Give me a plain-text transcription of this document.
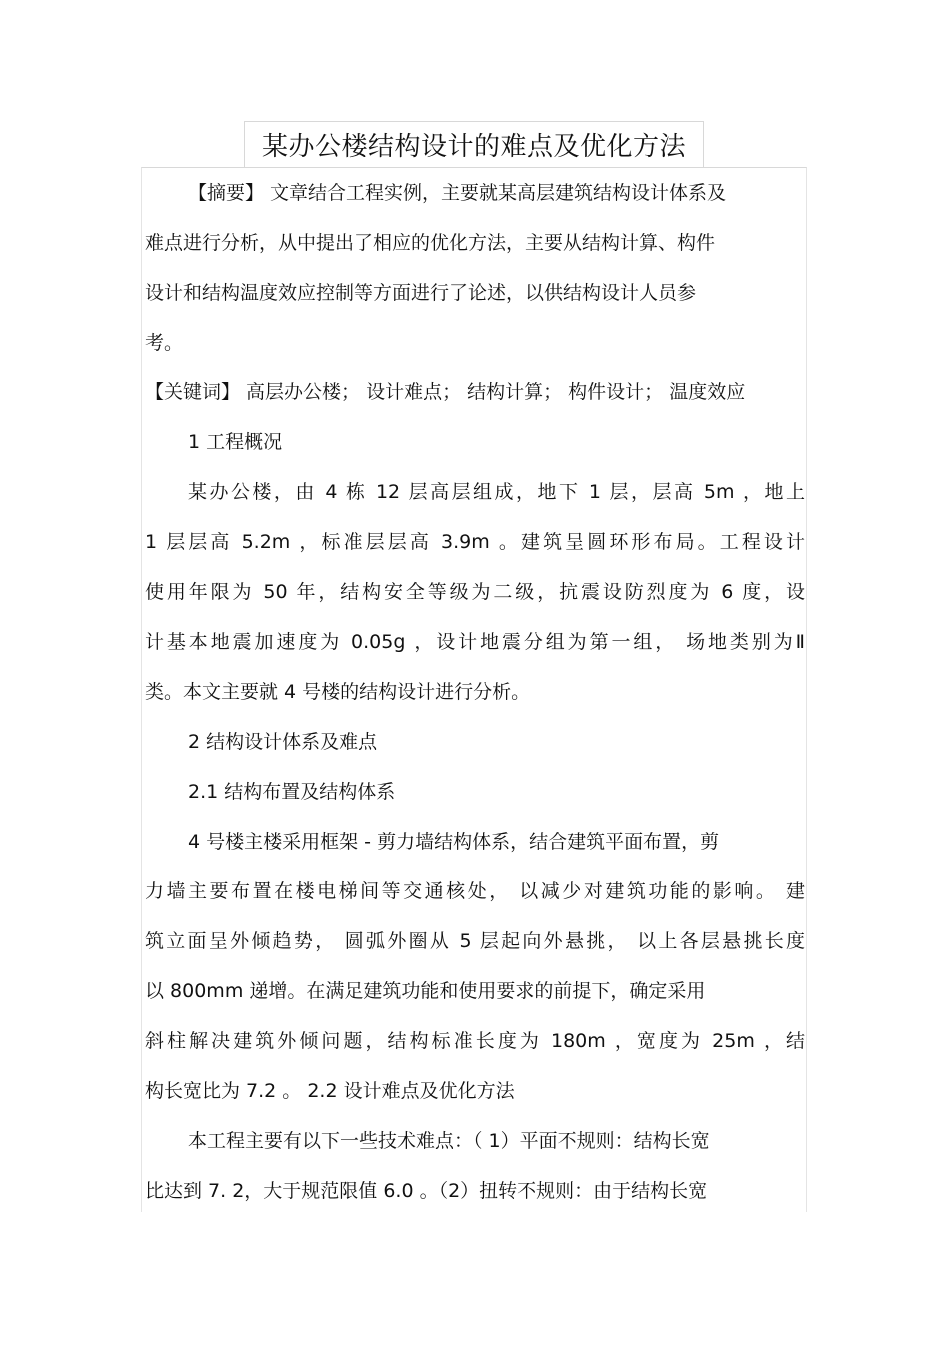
某办公楼结构设计的难点及优化方法
【摘要】 文章结合工程实例，主要就某高层建筑结构设计体系及
难点进行分析，从中提出了相应的优化方法，主要从结构计算、构件
设计和结构温度效应控制等方面进行了论述，以供结构设计人员参
考。
【关键词】 高层办公楼； 设计难点； 结构计算； 构件设计； 温度效应
1 工程概况
某办公楼，由 4 栋 12 层高层组成，地下 1 层，层高 5m ，地上
1 层层高 5.2m ，标准层层高 3.9m 。建筑呈圆环形布局。工程设计
使用年限为 50 年，结构安全等级为二级，抗震设防烈度为 6 度，设
计基本地震加速度为 0.05g ，设计地震分组为第一组， 场地类别为Ⅱ
类。本文主要就 4 号楼的结构设计进行分析。
2 结构设计体系及难点
2.1 结构布置及结构体系
4 号楼主楼采用框架 - 剪力墙结构体系，结合建筑平面布置，剪
力墙主要布置在楼电梯间等交通核处， 以减少对建筑功能的影响。 建
筑立面呈外倾趋势， 圆弧外圈从 5 层起向外悬挑， 以上各层悬挑长度
以 800mm 递增。在满足建筑功能和使用要求的前提下，确定采用
斜柱解决建筑外倾问题，结构标准长度为 180m ，宽度为 25m ，结
构长宽比为 7.2 。 2.2 设计难点及优化方法
本工程主要有以下一些技术难点：（ 1）平面不规则：结构长宽
比达到 7. 2，大于规范限值 6.0 。（2）扭转不规则：由于结构长宽
